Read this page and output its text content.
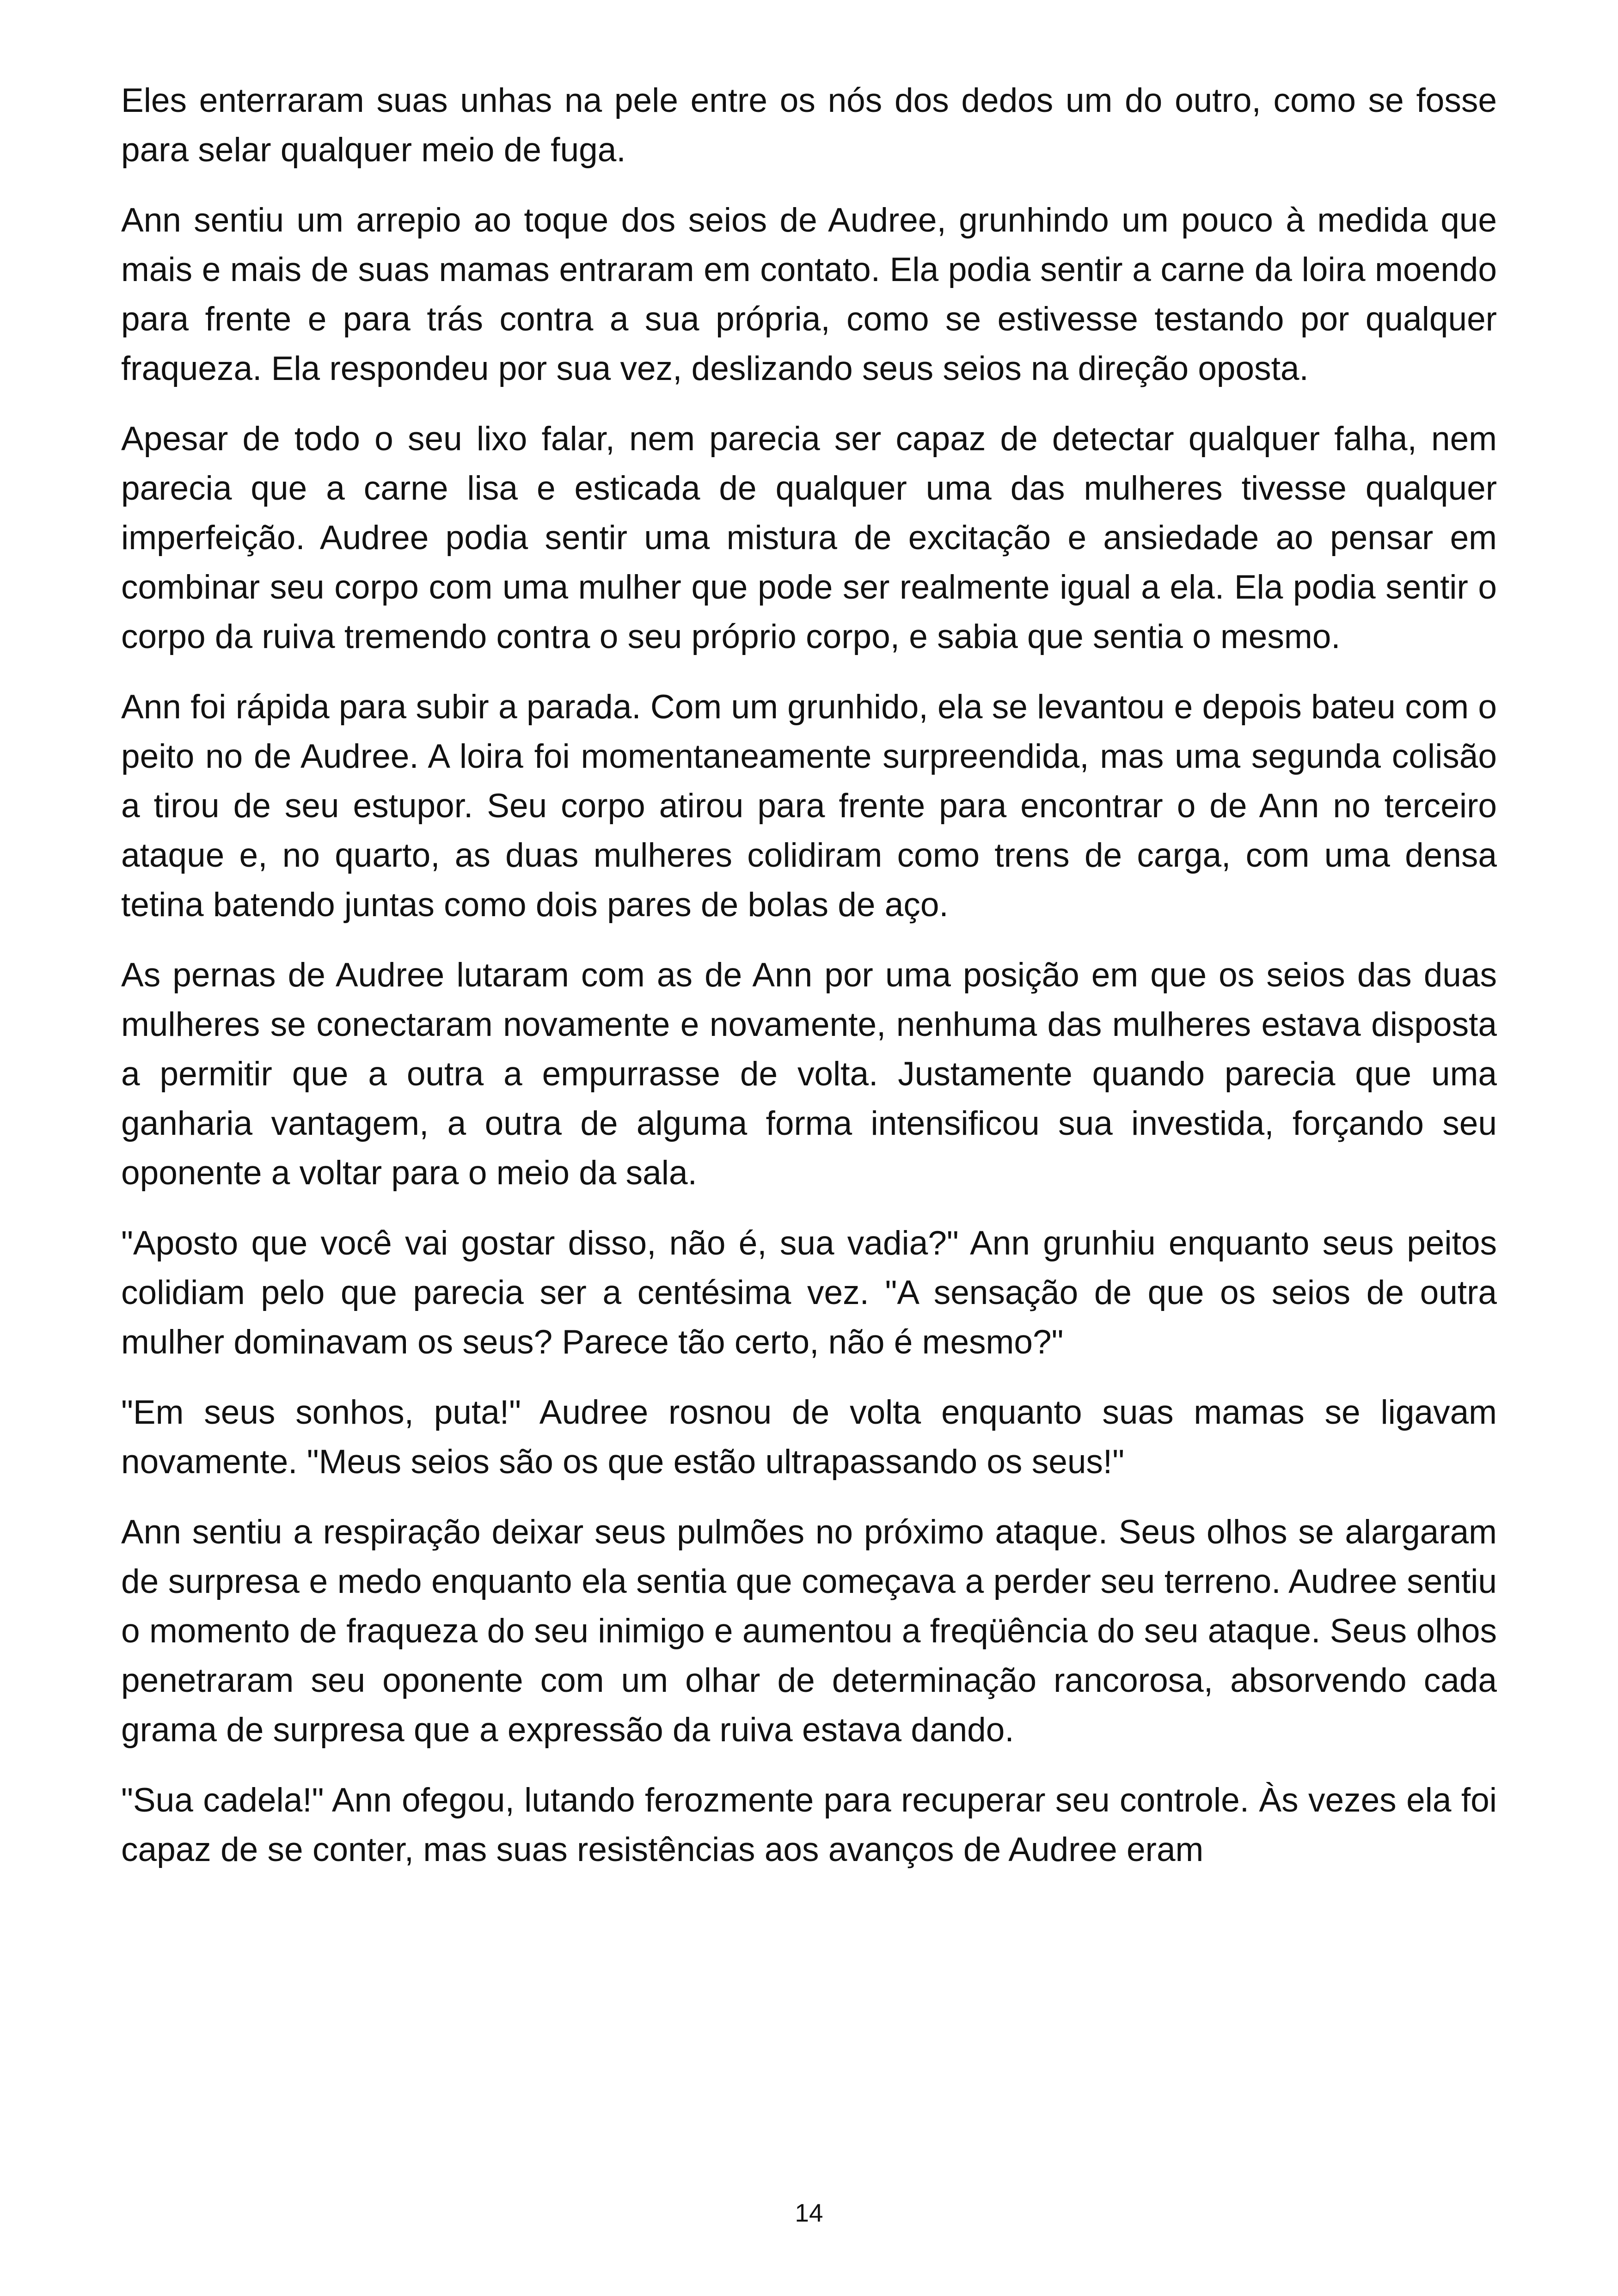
Eles enterraram suas unhas na pele entre os nós dos dedos um do outro, como se fosse para selar qualquer meio de fuga.

Ann sentiu um arrepio ao toque dos seios de Audree, grunhindo um pouco à medida que mais e mais de suas mamas entraram em contato. Ela podia sentir a carne da loira moendo para frente e para trás contra a sua própria, como se estivesse testando por qualquer fraqueza. Ela respondeu por sua vez, deslizando seus seios na direção oposta.

Apesar de todo o seu lixo falar, nem parecia ser capaz de detectar qualquer falha, nem parecia que a carne lisa e esticada de qualquer uma das mulheres tivesse qualquer imperfeição. Audree podia sentir uma mistura de excitação e ansiedade ao pensar em combinar seu corpo com uma mulher que pode ser realmente igual a ela. Ela podia sentir o corpo da ruiva tremendo contra o seu próprio corpo, e sabia que sentia o mesmo.

Ann foi rápida para subir a parada. Com um grunhido, ela se levantou e depois bateu com o peito no de Audree. A loira foi momentaneamente surpreendida, mas uma segunda colisão a tirou de seu estupor. Seu corpo atirou para frente para encontrar o de Ann no terceiro ataque e, no quarto, as duas mulheres colidiram como trens de carga, com uma densa tetina batendo juntas como dois pares de bolas de aço.

As pernas de Audree lutaram com as de Ann por uma posição em que os seios das duas mulheres se conectaram novamente e novamente, nenhuma das mulheres estava disposta a permitir que a outra a empurrasse de volta. Justamente quando parecia que uma ganharia vantagem, a outra de alguma forma intensificou sua investida, forçando seu oponente a voltar para o meio da sala.

"Aposto que você vai gostar disso, não é, sua vadia?" Ann grunhiu enquanto seus peitos colidiam pelo que parecia ser a centésima vez. "A sensação de que os seios de outra mulher dominavam os seus? Parece tão certo, não é mesmo?"

"Em seus sonhos, puta!" Audree rosnou de volta enquanto suas mamas se ligavam novamente. "Meus seios são os que estão ultrapassando os seus!"

Ann sentiu a respiração deixar seus pulmões no próximo ataque. Seus olhos se alargaram de surpresa e medo enquanto ela sentia que começava a perder seu terreno. Audree sentiu o momento de fraqueza do seu inimigo e aumentou a freqüência do seu ataque. Seus olhos penetraram seu oponente com um olhar de determinação rancorosa, absorvendo cada grama de surpresa que a expressão da ruiva estava dando.

"Sua cadela!" Ann ofegou, lutando ferozmente para recuperar seu controle. Às vezes ela foi capaz de se conter, mas suas resistências aos avanços de Audree eram

14
